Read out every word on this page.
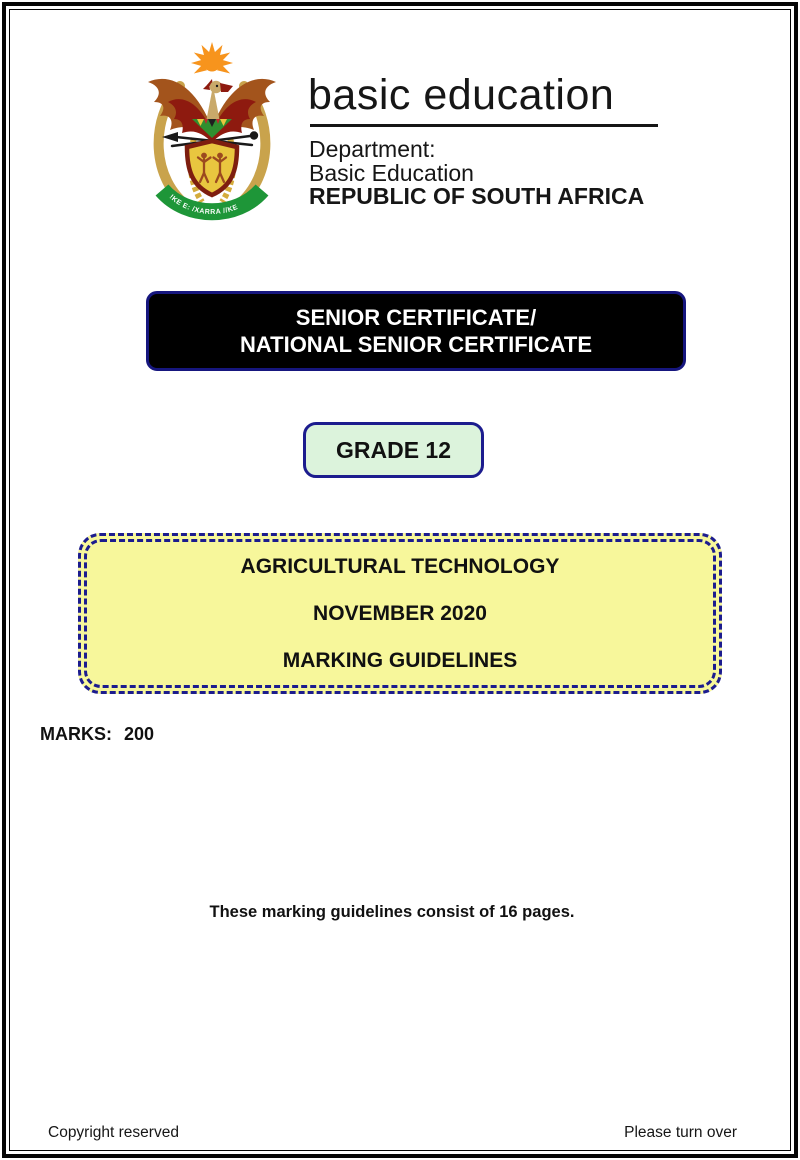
!KE E: /XARRA //KE
basic education
Department:
Basic Education
REPUBLIC OF SOUTH AFRICA
SENIOR CERTIFICATE/
NATIONAL SENIOR CERTIFICATE
GRADE 12
AGRICULTURAL TECHNOLOGY
NOVEMBER 2020
MARKING GUIDELINES
MARKS: 200
These marking guidelines consist of 16 pages.
Copyright reserved	Please turn over
